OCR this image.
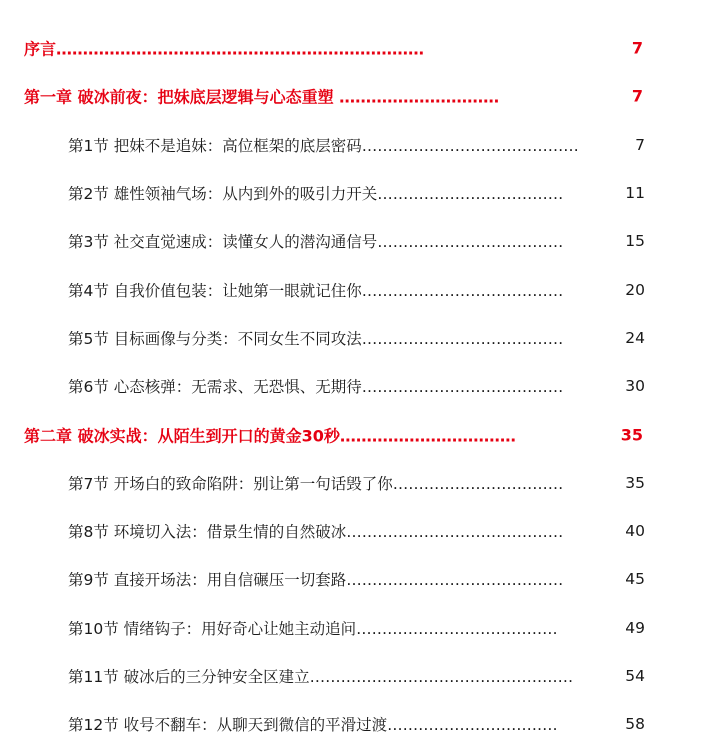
序言……………………………………………………………	7
第一章 破冰前夜：把妹底层逻辑与心态重塑 …………………………	7
第1节 把妹不是追妹：高位框架的底层密码……………………………………	7
第2节 雄性领袖气场：从内到外的吸引力开关………………………………	11
第3节 社交直觉速成：读懂女人的潜沟通信号………………………………	15
第4节 自我价值包装：让她第一眼就记住你…………………………………	20
第5节 目标画像与分类：不同女生不同攻法…………………………………	24
第6节 心态核弹：无需求、无恐惧、无期待…………………………………	30
第二章 破冰实战：从陌生到开口的黄金30秒……………………………	35
第7节 开场白的致命陷阱：别让第一句话毁了你……………………………	35
第8节 环境切入法：借景生情的自然破冰……………………………………	40
第9节 直接开场法：用自信碾压一切套路……………………………………	45
第10节 情绪钩子：用好奇心让她主动追问…………………………………	49
第11节 破冰后的三分钟安全区建立……………………………………………	54
第12节 收号不翻车：从聊天到微信的平滑过渡……………………………	58
